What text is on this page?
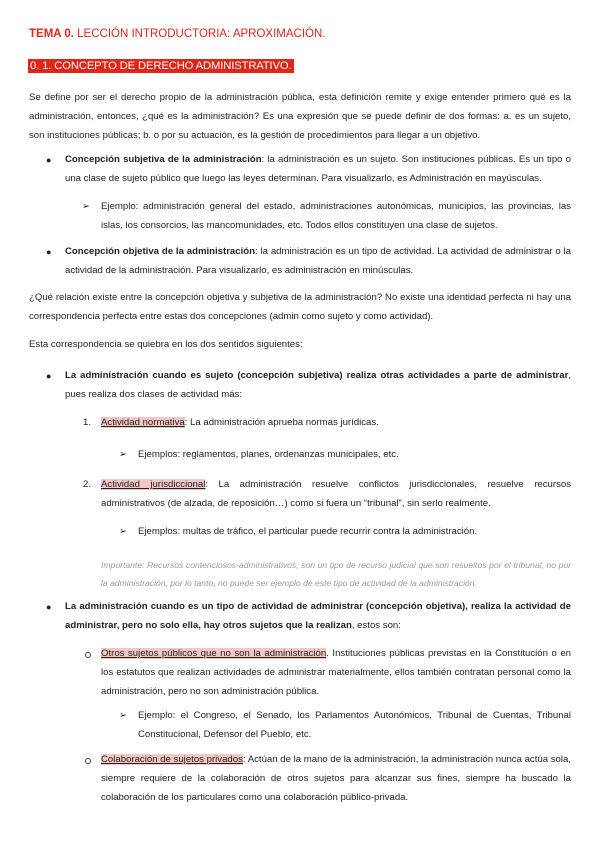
TEMA 0. LECCIÓN INTRODUCTORIA: APROXIMACIÓN.
0. 1. CONCEPTO DE DERECHO ADMINISTRATIVO.

Se define por ser el derecho propio de la administración pública, esta definición remite y exige entender primero qué es la administración, entonces, ¿qué es la administración? Es una expresión que se puede definir de dos formas: a. es un sujeto, son instituciones públicas; b. o por su actuación, es la gestión de procedimientos para llegar a un objetivo.

● Concepción subjetiva de la administración: la administración es un sujeto. Son instituciones públicas. Es un tipo o una clase de sujeto público que luego las leyes determinan. Para visualizarlo, es Administración en mayúsculas.

➢ Ejemplo: administración general del estado, administraciones autonómicas, municipios, las provincias, las islas, los consorcios, las mancomunidades, etc. Todos ellos constituyen una clase de sujetos.

● Concepción objetiva de la administración: la administración es un tipo de actividad. La actividad de administrar o la actividad de la administración. Para visualizarlo, es administración en minúsculas.

¿Qué relación existe entre la concepción objetiva y subjetiva de la administración? No existe una identidad perfecta ni hay una correspondencia perfecta entre estas dos concepciones (admin como sujeto y como actividad).

Esta correspondencia se quiebra en los dos sentidos siguientes:

● La administración cuando es sujeto (concepción subjetiva) realiza otras actividades a parte de administrar, pues realiza dos clases de actividad más:

1. Actividad normativa: La administración aprueba normas jurídicas.

➢ Ejemplos: reglamentos, planes, ordenanzas municipales, etc.

2. Actividad jurisdiccional: La administración resuelve conflictos jurisdiccionales, resuelve recursos administrativos (de alzada, de reposición…) como si fuera un “tribunal”, sin serlo realmente.

➢ Ejemplos: multas de tráfico, el particular puede recurrir contra la administración.

Importante: Recursos contenciosos-administrativos, son un tipo de recurso judicial que son resueltos por el tribunal, no por la administración, por lo tanto, no puede ser ejemplo de este tipo de actividad de la administración.

● La administración cuando es un tipo de actividad de administrar (concepción objetiva), realiza la actividad de administrar, pero no solo ella, hay otros sujetos que la realizan, estos son:

Otros sujetos públicos que no son la administración. Instituciones públicas previstas en la Constitución o en los estatutos que realizan actividades de administrar materialmente, ellos también contratan personal como la administración, pero no son administración pública.

➢ Ejemplo: el Congreso, el Senado, los Parlamentos Autonómicos, Tribunal de Cuentas, Tribunal Constitucional, Defensor del Pueblo, etc.

Colaboración de sujetos privados: Actúan de la mano de la administración, la administración nunca actúa sola, siempre requiere de la colaboración de otros sujetos para alcanzar sus fines, siempre ha buscado la colaboración de los particulares como una colaboración público-privada.
